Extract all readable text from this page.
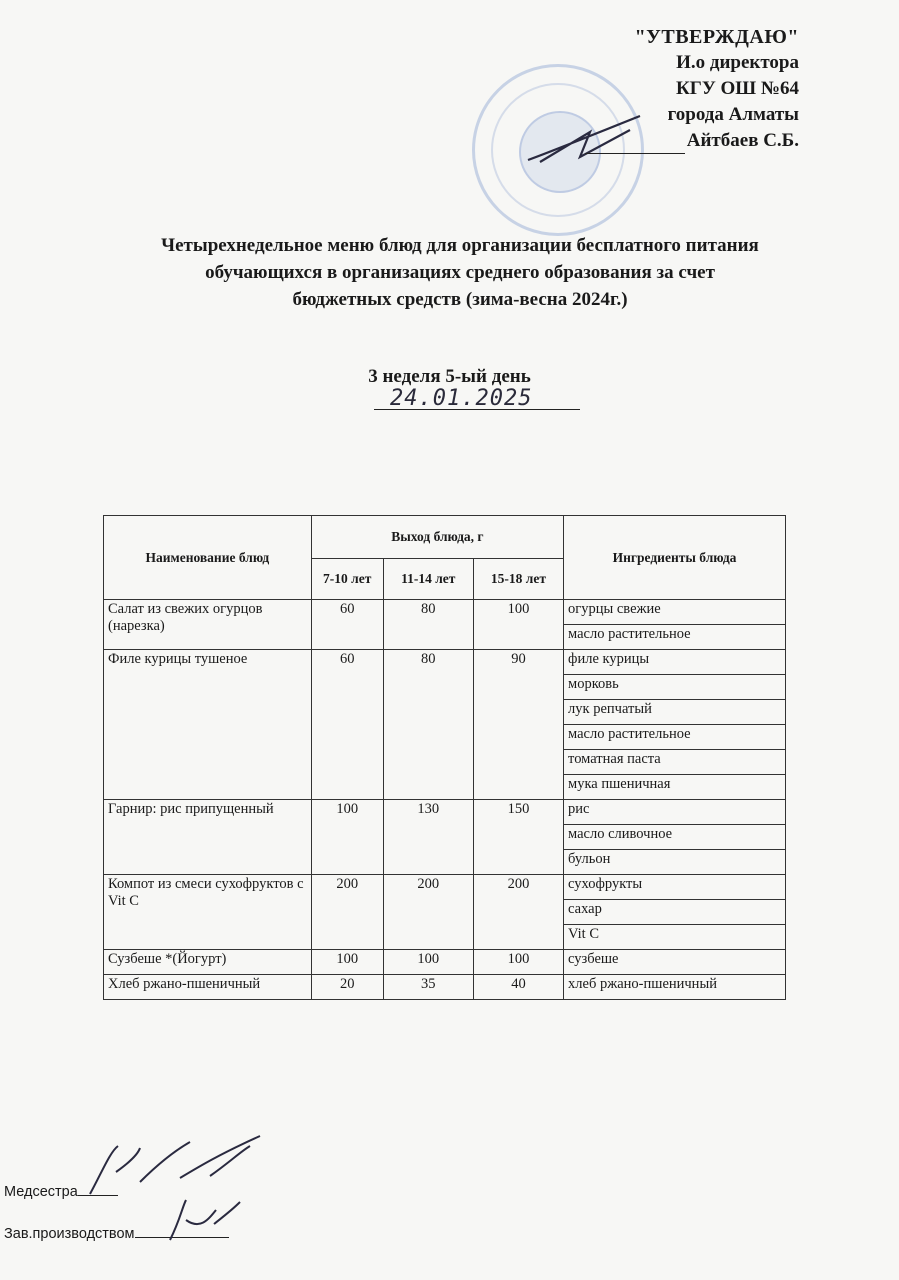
"УТВЕРЖДАЮ"
И.о директора
КГУ ОШ №64
города Алматы
Айтбаев С.Б.
Четырехнедельное меню блюд для организации бесплатного питания
обучающихся в организациях среднего образования за счет
бюджетных средств (зима-весна 2024г.)
3 неделя 5-ый день
24.01.2025
Наименование блюд	Выход блюда, г			Ингредиенты блюда
	7-10 лет	11-14 лет	15-18 лет	
Салат из свежих огурцов (нарезка)	60	80	100	огурцы свежие
				масло растительное
Филе курицы тушеное	60	80	90	филе курицы
				морковь
				лук репчатый
				масло растительное
				томатная паста
				мука пшеничная
Гарнир: рис припущенный	100	130	150	рис
				масло сливочное
				бульон
Компот из смеси сухофруктов с Vit C	200	200	200	сухофрукты
				сахар
				Vit C
Сузбеше *(Йогурт)	100	100	100	сузбеше
Хлеб ржано-пшеничный	20	35	40	хлеб ржано-пшеничный
Медсестра
Зав.производством
